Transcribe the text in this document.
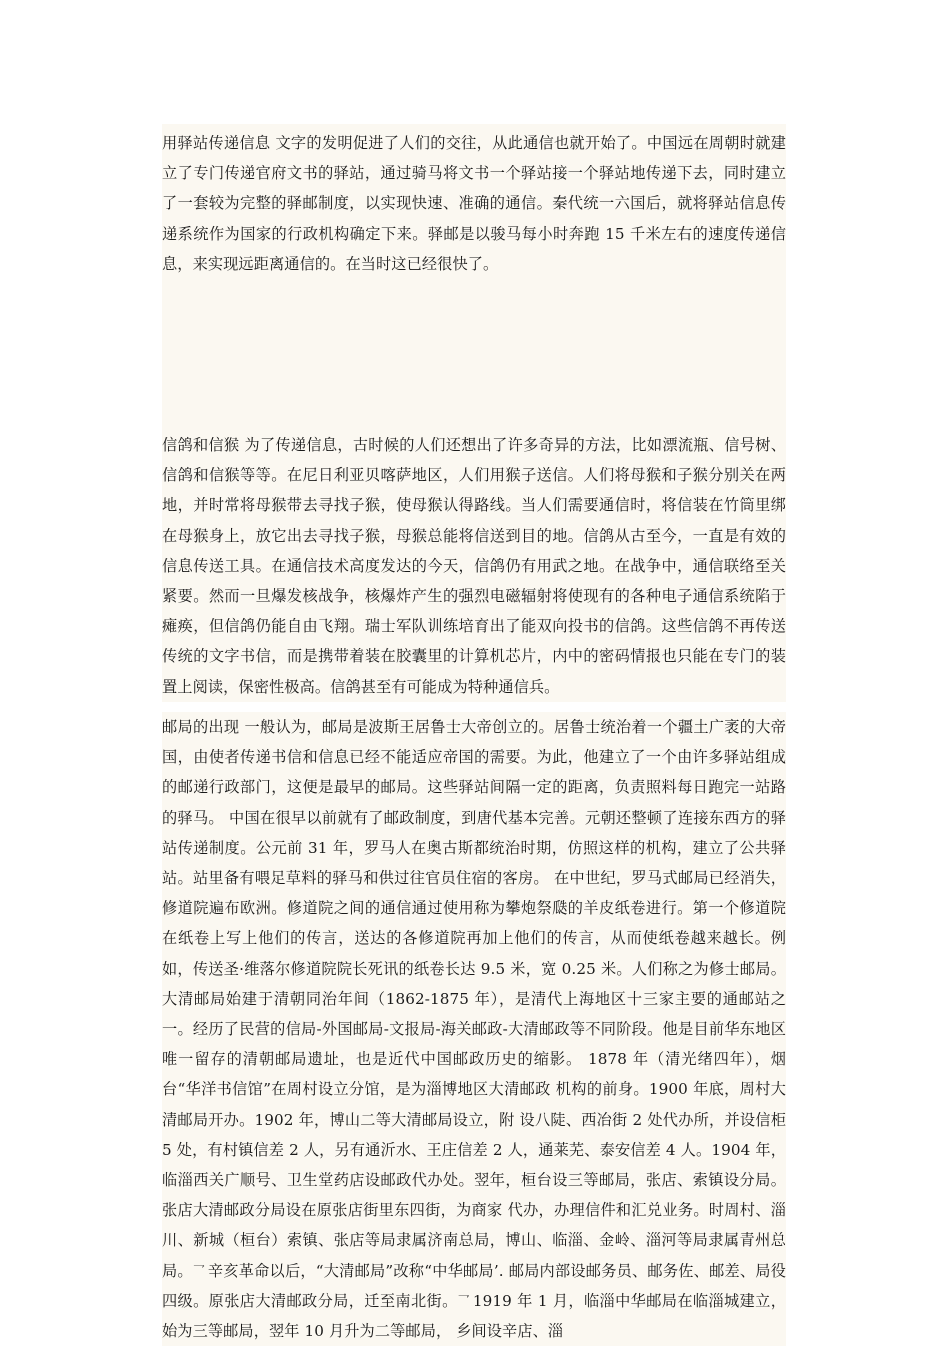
用驿站传递信息 文字的发明促进了人们的交往，从此通信也就开始了。中国远在周朝时就建立了专门传递官府文书的驿站，通过骑马将文书一个驿站接一个驿站地传递下去，同时建立了一套较为完整的驿邮制度，以实现快速、准确的通信。秦代统一六国后，就将驿站信息传递系统作为国家的行政机构确定下来。驿邮是以骏马每小时奔跑 15 千米左右的速度传递信息，来实现远距离通信的。在当时这已经很快了。

信鸽和信猴 为了传递信息，古时候的人们还想出了许多奇异的方法，比如漂流瓶、信号树、信鸽和信猴等等。在尼日利亚贝喀萨地区，人们用猴子送信。人们将母猴和子猴分别关在两地，并时常将母猴带去寻找子猴，使母猴认得路线。当人们需要通信时，将信装在竹筒里绑在母猴身上，放它出去寻找子猴，母猴总能将信送到目的地。信鸽从古至今，一直是有效的信息传送工具。在通信技术高度发达的今天，信鸽仍有用武之地。在战争中，通信联络至关紧要。然而一旦爆发核战争，核爆炸产生的强烈电磁辐射将使现有的各种电子通信系统陷于瘫痪，但信鸽仍能自由飞翔。瑞士军队训练培育出了能双向投书的信鸽。这些信鸽不再传送传统的文字书信，而是携带着装在胶囊里的计算机芯片，内中的密码情报也只能在专门的装置上阅读，保密性极高。信鸽甚至有可能成为特种通信兵。

邮局的出现 一般认为，邮局是波斯王居鲁士大帝创立的。居鲁士统治着一个疆土广袤的大帝国，由使者传递书信和信息已经不能适应帝国的需要。为此，他建立了一个由许多驿站组成的邮递行政部门，这便是最早的邮局。这些驿站间隔一定的距离，负责照料每日跑完一站路的驿马。 中国在很早以前就有了邮政制度，到唐代基本完善。元朝还整顿了连接东西方的驿站传递制度。公元前 31 年，罗马人在奥古斯都统治时期，仿照这样的机构，建立了公共驿站。站里备有喂足草料的驿马和供过往官员住宿的客房。 在中世纪，罗马式邮局已经消失，修道院遍布欧洲。修道院之间的通信通过使用称为攀炮祭瓞的羊皮纸卷进行。第一个修道院在纸卷上写上他们的传言，送达的各修道院再加上他们的传言，从而使纸卷越来越长。例如，传送圣·维落尔修道院院长死讯的纸卷长达 9.5 米，宽 0.25 米。人们称之为修士邮局。大清邮局始建于清朝同治年间（1862-1875 年），是清代上海地区十三家主要的通邮站之一。经历了民营的信局-外国邮局-文报局-海关邮政-大清邮政等不同阶段。他是目前华东地区唯一留存的清朝邮局遗址，也是近代中国邮政历史的缩影。 1878 年（清光绪四年），烟台“华洋书信馆”在周村设立分馆，是为淄博地区大清邮政 机构的前身。1900 年底，周村大清邮局开办。1902 年，博山二等大清邮局设立，附 设八陡、西冶街 2 处代办所，并设信柜 5 处，有村镇信差 2 人，另有通沂水、王庄信差 2 人，通莱芜、泰安信差 4 人。1904 年，临淄西关广顺号、卫生堂药店设邮政代办处。翌年，桓台设三等邮局，张店、索镇设分局。张店大清邮政分局设在原张店街里东四街，为商家 代办，办理信件和汇兑业务。时周村、淄川、新城（桓台）索镇、张店等局隶属济南总局，博山、临淄、金岭、淄河等局隶属青州总局。乛 辛亥革命以后，“大清邮局”改称“中华邮局’. 邮局内部设邮务员、邮务佐、邮差、局役 四级。原张店大清邮政分局，迁至南北街。乛 1919 年 1 月，临淄中华邮局在临淄城建立，始为三等邮局，翌年 10 月升为二等邮局， 乡间设辛店、淄
